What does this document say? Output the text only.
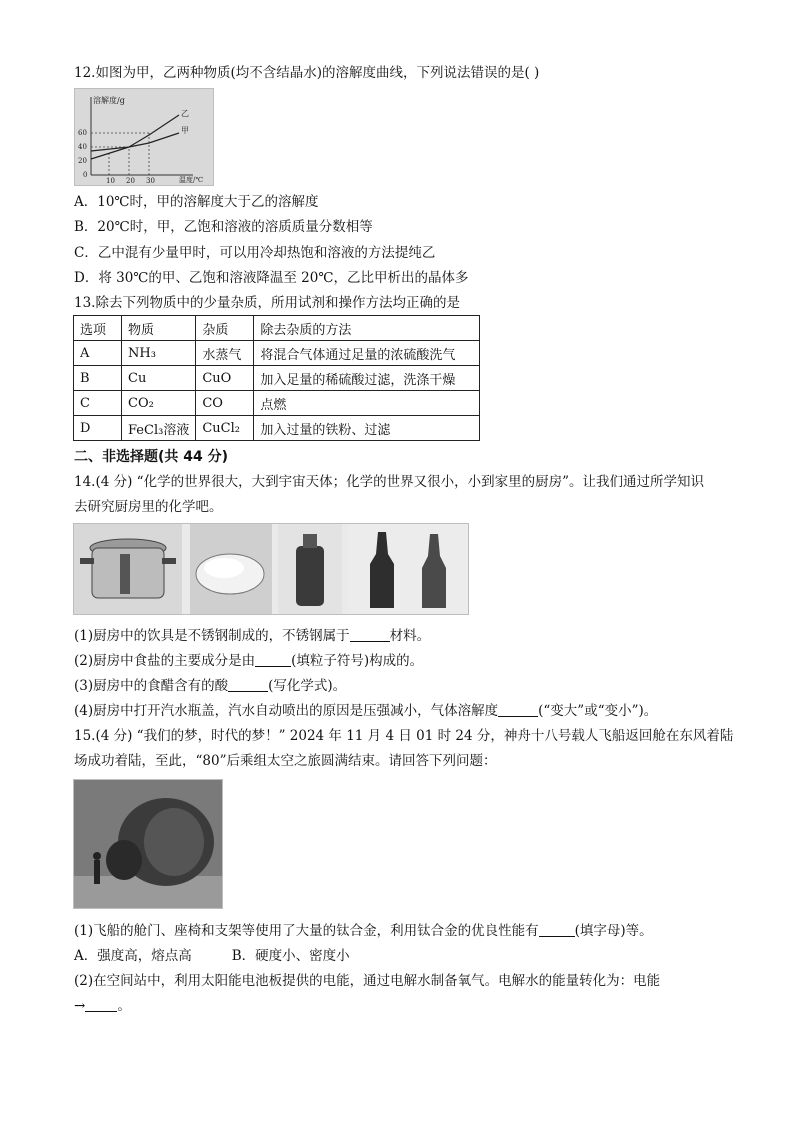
12.如图为甲，乙两种物质(均不含结晶水)的溶解度曲线，下列说法错误的是( )
溶解度/g
温度/℃
60
40
20
0
10 20 30
乙
甲
A．10℃时，甲的溶解度大于乙的溶解度
B．20℃时，甲，乙饱和溶液的溶质质量分数相等
C．乙中混有少量甲时，可以用冷却热饱和溶液的方法提纯乙
D．将 30℃的甲、乙饱和溶液降温至 20℃，乙比甲析出的晶体多
13.除去下列物质中的少量杂质，所用试剂和操作方法均正确的是
选项	物质	杂质	除去杂质的方法
A	NH₃	水蒸气	将混合气体通过足量的浓硫酸洗气
B	Cu	CuO	加入足量的稀硫酸过滤，洗涤干燥
C	CO₂	CO	点燃
D	FeCl₃溶液	CuCl₂	加入过量的铁粉、过滤
二、非选择题(共 44 分)
14.(4 分) “化学的世界很大，大到宇宙天体；化学的世界又很小，小到家里的厨房”。让我们通过所学知识
去研究厨房里的化学吧。
(1)厨房中的饮具是不锈钢制成的，不锈钢属于	材料。
(2)厨房中食盐的主要成分是由	(填粒子符号)构成的。
(3)厨房中的食醋含有的酸	(写化学式)。
(4)厨房中打开汽水瓶盖，汽水自动喷出的原因是压强减小，气体溶解度	(“变大”或“变小”)。
15.(4 分) “我们的梦，时代的梦！” 2024 年 11 月 4 日 01 时 24 分，神舟十八号载人飞船返回舱在东风着陆
场成功着陆，至此，“80”后乘组太空之旅圆满结束。请回答下列问题：
(1)飞船的舱门、座椅和支架等使用了大量的钛合金，利用钛合金的优良性能有	(填字母)等。
A．强度高，熔点高	B．硬度小、密度小
(2)在空间站中，利用太阳能电池板提供的电能，通过电解水制备氧气。电解水的能量转化为：电能
→ 。
